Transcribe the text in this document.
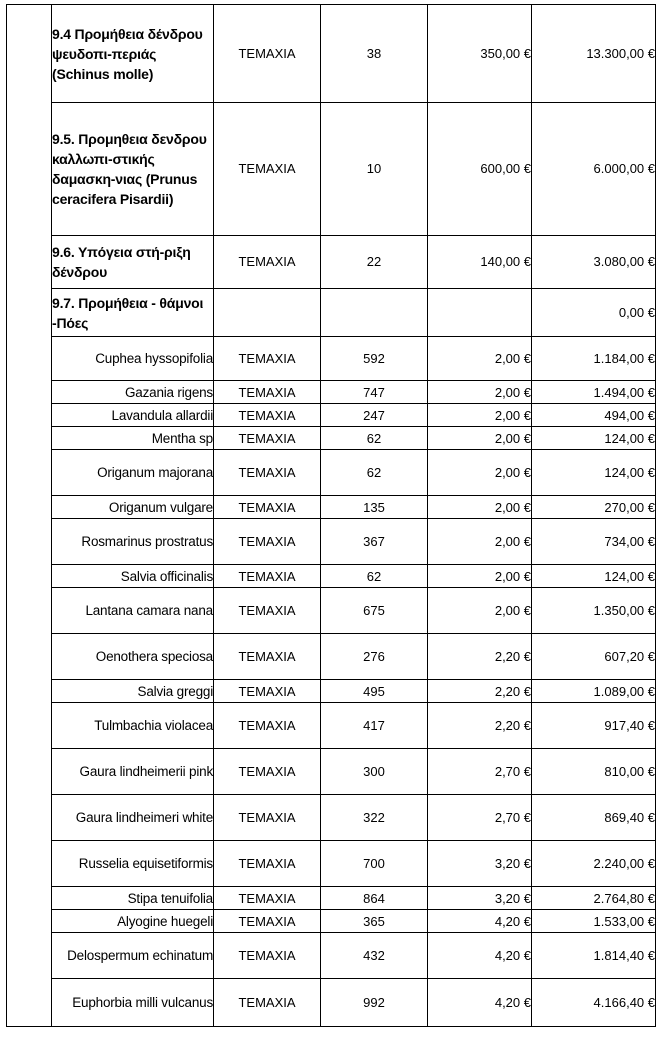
	9.4 Προμήθεια δένδρου ψευδοπι-περιάς (Schinus molle)	ΤΕΜΑΧΙΑ	38	350,00 €	13.300,00 €
	9.5. Προμηθεια δενδρου καλλωπι-στικής δαμασκη-νιας (Prunus ceracifera Pisardii)	ΤΕΜΑΧΙΑ	10	600,00 €	6.000,00 €
	9.6. Υπόγεια στή-ριξη δένδρου	ΤΕΜΑΧΙΑ	22	140,00 €	3.080,00 €
	9.7. Προμήθεια - θάμνοι -Πόες				0,00 €
	Cuphea hyssopifolia	ΤΕΜΑΧΙΑ	592	2,00 €	1.184,00 €
	Gazania rigens	ΤΕΜΑΧΙΑ	747	2,00 €	1.494,00 €
	Lavandula allardii	ΤΕΜΑΧΙΑ	247	2,00 €	494,00 €
	Mentha sp	ΤΕΜΑΧΙΑ	62	2,00 €	124,00 €
	Origanum majorana	ΤΕΜΑΧΙΑ	62	2,00 €	124,00 €
	Origanum vulgare	ΤΕΜΑΧΙΑ	135	2,00 €	270,00 €
	Rosmarinus prostratus	ΤΕΜΑΧΙΑ	367	2,00 €	734,00 €
	Salvia officinalis	ΤΕΜΑΧΙΑ	62	2,00 €	124,00 €
	Lantana camara nana	ΤΕΜΑΧΙΑ	675	2,00 €	1.350,00 €
	Oenothera speciosa	ΤΕΜΑΧΙΑ	276	2,20 €	607,20 €
	Salvia greggi	ΤΕΜΑΧΙΑ	495	2,20 €	1.089,00 €
	Tulmbachia violacea	ΤΕΜΑΧΙΑ	417	2,20 €	917,40 €
	Gaura lindheimerii pink	ΤΕΜΑΧΙΑ	300	2,70 €	810,00 €
	Gaura lindheimeri white	ΤΕΜΑΧΙΑ	322	2,70 €	869,40 €
	Russelia equisetiformis	ΤΕΜΑΧΙΑ	700	3,20 €	2.240,00 €
	Stipa tenuifolia	ΤΕΜΑΧΙΑ	864	3,20 €	2.764,80 €
	Alyogine huegeli	ΤΕΜΑΧΙΑ	365	4,20 €	1.533,00 €
	Delospermum echinatum	ΤΕΜΑΧΙΑ	432	4,20 €	1.814,40 €
	Euphorbia milli vulcanus	ΤΕΜΑΧΙΑ	992	4,20 €	4.166,40 €
